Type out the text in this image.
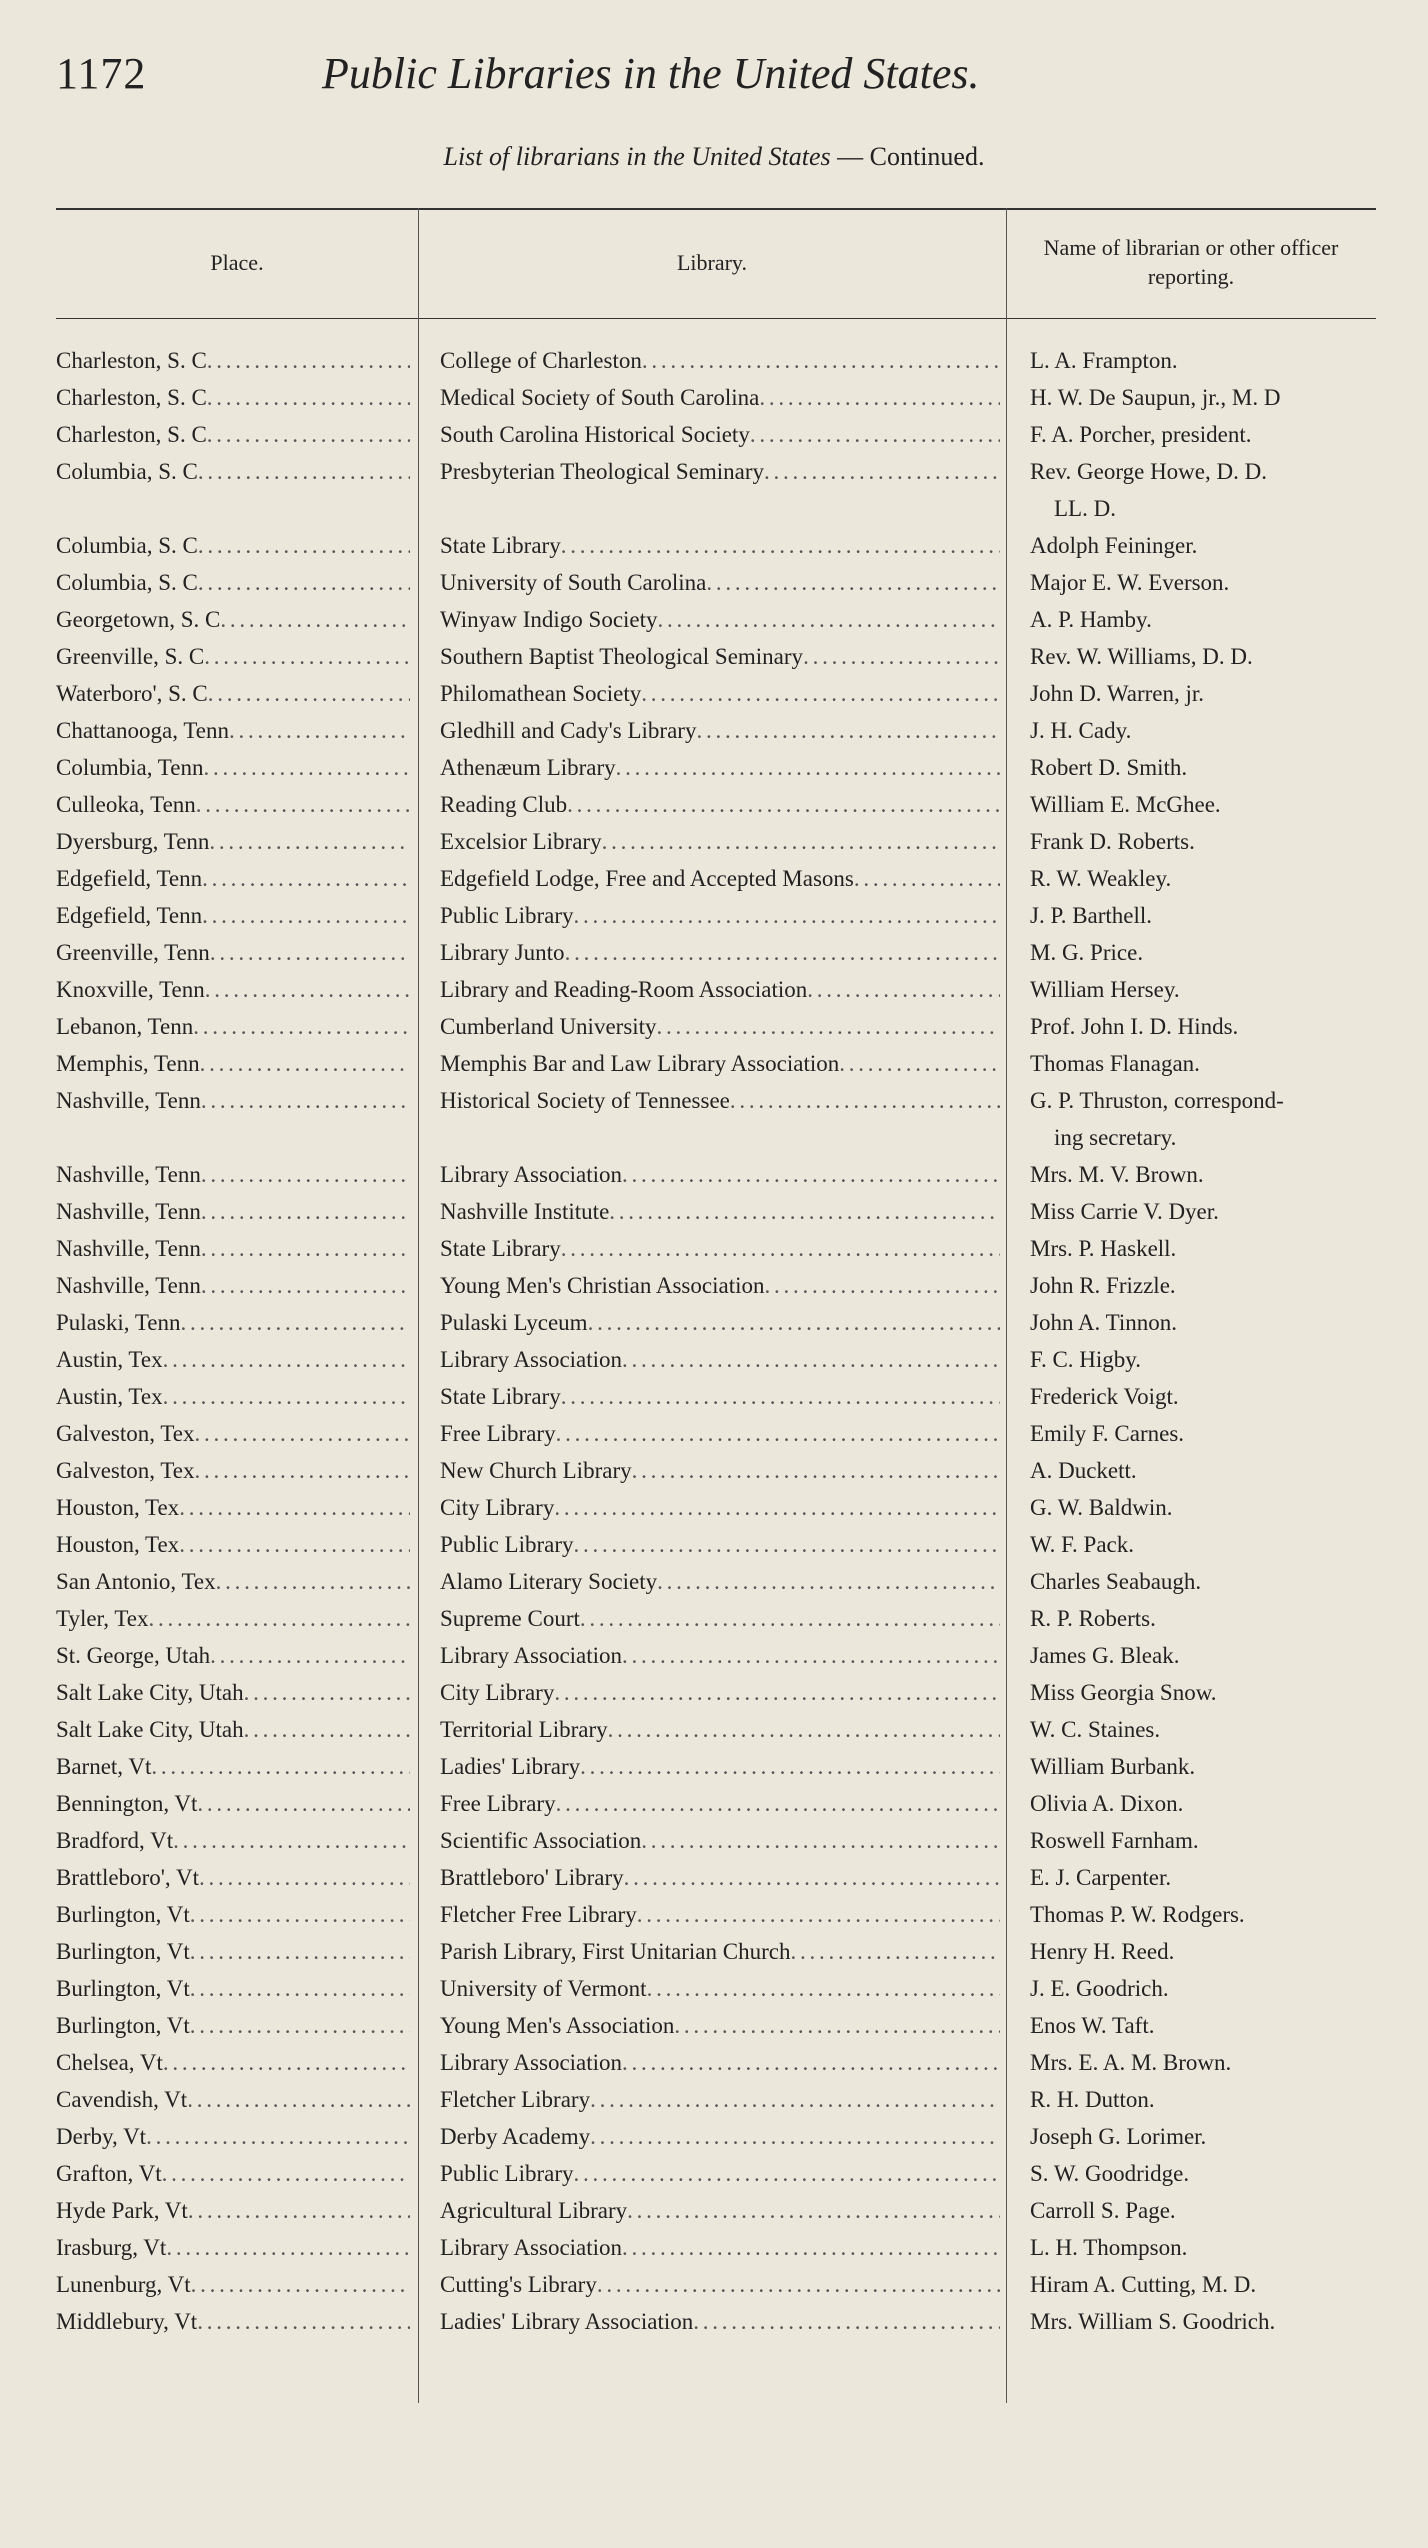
1172	Public Libraries in the United States.
List of librarians in the United States — Continued.
Place.	Library.
Name of librarian or other officer reporting.
Charleston, S. C . . .	College of Charleston . . .	L. A. Frampton.
Charleston, S. C . . .	Medical Society of South Carolina . . .	H. W. De Saupun, jr., M. D
Charleston, S. C . . .	South Carolina Historical Society . . .	F. A. Porcher, president.
Columbia, S. C . . .	Presbyterian Theological Seminary . . .	Rev. George Howe, D. D.
LL. D.
Columbia, S. C . . .	State Library . . .	Adolph Feininger.
Columbia, S. C . . .	University of South Carolina . . .	Major E. W. Everson.
Georgetown, S. C . . .	Winyaw Indigo Society . . .	A. P. Hamby.
Greenville, S. C . . .	Southern Baptist Theological Seminary . . .	Rev. W. Williams, D. D.
Waterboro', S. C . . .	Philomathean Society . . .	John D. Warren, jr.
Chattanooga, Tenn . . .	Gledhill and Cady's Library . . .	J. H. Cady.
Columbia, Tenn . . .	Athenæum Library . . .	Robert D. Smith.
Culleoka, Tenn . . .	Reading Club . . .	William E. McGhee.
Dyersburg, Tenn . . .	Excelsior Library . . .	Frank D. Roberts.
Edgefield, Tenn . . .	Edgefield Lodge, Free and Accepted Masons . . .	R. W. Weakley.
Edgefield, Tenn . . .	Public Library . . .	J. P. Barthell.
Greenville, Tenn . . .	Library Junto . . .	M. G. Price.
Knoxville, Tenn . . .	Library and Reading-Room Association . . .	William Hersey.
Lebanon, Tenn . . .	Cumberland University . . .	Prof. John I. D. Hinds.
Memphis, Tenn . . .	Memphis Bar and Law Library Association . . .	Thomas Flanagan.
Nashville, Tenn . . .	Historical Society of Tennessee . . .	G. P. Thruston, correspond-
ing secretary.
Nashville, Tenn . . .	Library Association . . .	Mrs. M. V. Brown.
Nashville, Tenn . . .	Nashville Institute . . .	Miss Carrie V. Dyer.
Nashville, Tenn . . .	State Library . . .	Mrs. P. Haskell.
Nashville, Tenn . . .	Young Men's Christian Association . . .	John R. Frizzle.
Pulaski, Tenn . . .	Pulaski Lyceum . . .	John A. Tinnon.
Austin, Tex . . .	Library Association . . .	F. C. Higby.
Austin, Tex . . .	State Library . . .	Frederick Voigt.
Galveston, Tex . . .	Free Library . . .	Emily F. Carnes.
Galveston, Tex . . .	New Church Library . . .	A. Duckett.
Houston, Tex . . .	City Library . . .	G. W. Baldwin.
Houston, Tex . . .	Public Library . . .	W. F. Pack.
San Antonio, Tex . . .	Alamo Literary Society . . .	Charles Seabaugh.
Tyler, Tex . . .	Supreme Court . . .	R. P. Roberts.
St. George, Utah . . .	Library Association . . .	James G. Bleak.
Salt Lake City, Utah . . .	City Library . . .	Miss Georgia Snow.
Salt Lake City, Utah . . .	Territorial Library . . .	W. C. Staines.
Barnet, Vt . . .	Ladies' Library . . .	William Burbank.
Bennington, Vt . . .	Free Library . . .	Olivia A. Dixon.
Bradford, Vt . . .	Scientific Association . . .	Roswell Farnham.
Brattleboro', Vt . . .	Brattleboro' Library . . .	E. J. Carpenter.
Burlington, Vt . . .	Fletcher Free Library . . .	Thomas P. W. Rodgers.
Burlington, Vt . . .	Parish Library, First Unitarian Church . . .	Henry H. Reed.
Burlington, Vt . . .	University of Vermont . . .	J. E. Goodrich.
Burlington, Vt . . .	Young Men's Association . . .	Enos W. Taft.
Chelsea, Vt . . .	Library Association . . .	Mrs. E. A. M. Brown.
Cavendish, Vt . . .	Fletcher Library . . .	R. H. Dutton.
Derby, Vt . . .	Derby Academy . . .	Joseph G. Lorimer.
Grafton, Vt . . .	Public Library . . .	S. W. Goodridge.
Hyde Park, Vt . . .	Agricultural Library . . .	Carroll S. Page.
Irasburg, Vt . . .	Library Association . . .	L. H. Thompson.
Lunenburg, Vt . . .	Cutting's Library . . .	Hiram A. Cutting, M. D.
Middlebury, Vt . . .	Ladies' Library Association . . .	Mrs. William S. Goodrich.
